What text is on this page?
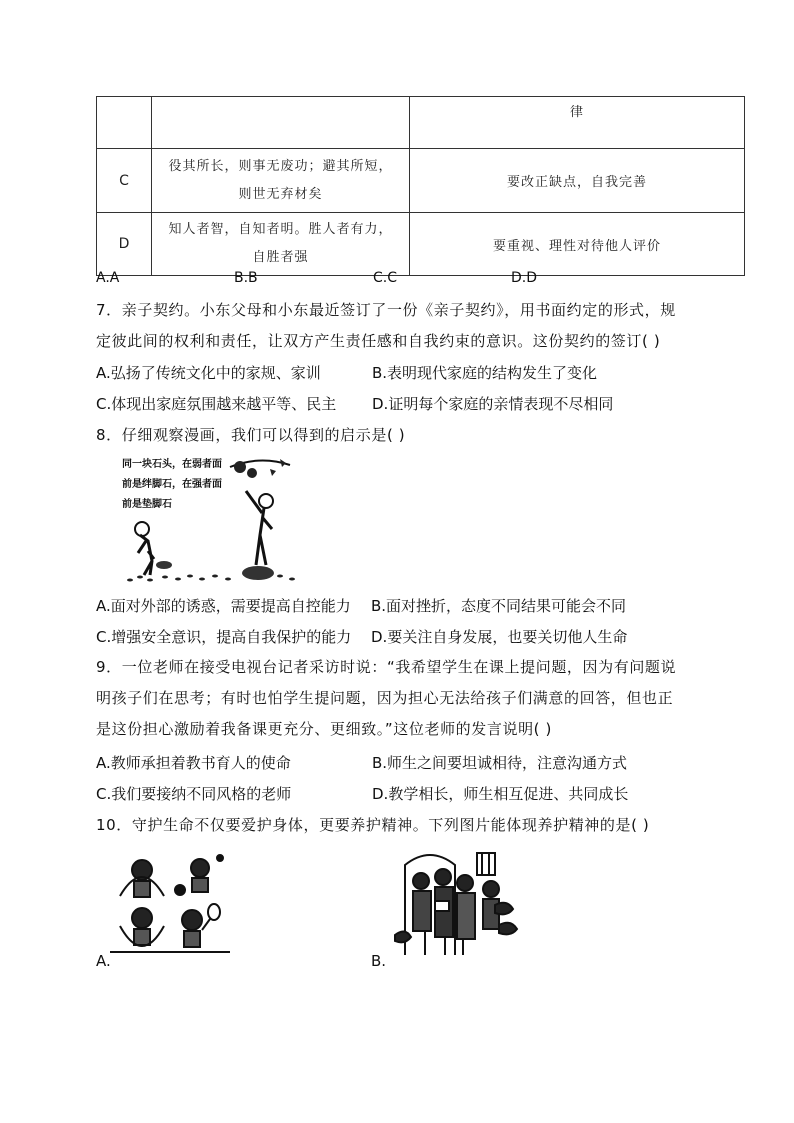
		律
C	役其所长，则事无废功；避其所短，
则世无弃材矣	要改正缺点，自我完善
D	知人者智，自知者明。胜人者有力，
自胜者强	要重视、理性对待他人评价
A.A	B.B	C.C	D.D
7．亲子契约。小东父母和小东最近签订了一份《亲子契约》，用书面约定的形式，规
定彼此间的权利和责任，让双方产生责任感和自我约束的意识。这份契约的签订( )
A.弘扬了传统文化中的家规、家训	B.表明现代家庭的结构发生了变化
C.体现出家庭氛围越来越平等、民主 D.证明每个家庭的亲情表现不尽相同
8．仔细观察漫画，我们可以得到的启示是( )
同一块石头，在弱者面
前是绊脚石，在强者面
前是垫脚石
A.面对外部的诱惑，需要提高自控能力 B.面对挫折，态度不同结果可能会不同
C.增强安全意识，提高自我保护的能力 D.要关注自身发展，也要关切他人生命
9．一位老师在接受电视台记者采访时说：“我希望学生在课上提问题，因为有问题说
明孩子们在思考；有时也怕学生提问题，因为担心无法给孩子们满意的回答，但也正
是这份担心激励着我备课更充分、更细致。”这位老师的发言说明( )
A.教师承担着教书育人的使命	B.师生之间要坦诚相待，注意沟通方式
C.我们要接纳不同风格的老师	D.教学相长，师生相互促进、共同成长
10．守护生命不仅要爱护身体，更要养护精神。下列图片能体现养护精神的是( )
A.	B.
